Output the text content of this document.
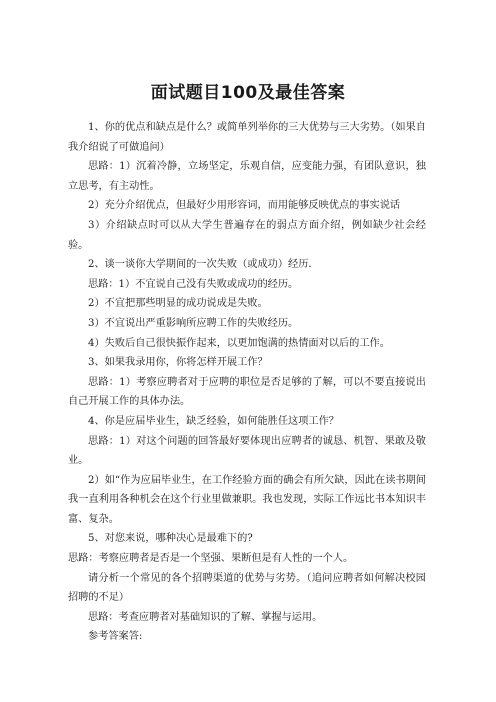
面试题目100及最佳答案

1、你的优点和缺点是什么？或简单列举你的三大优势与三大劣势。（如果自我介绍说了可做追问）

思路：1）沉着冷静，立场坚定，乐观自信，应变能力强，有团队意识，独立思考，有主动性。

2）充分介绍优点，但最好少用形容词，而用能够反映优点的事实说话

3）介绍缺点时可以从大学生普遍存在的弱点方面介绍，例如缺少社会经验。

2、谈一谈你大学期间的一次失败（或成功）经历.

思路：1）不宜说自己没有失败或成功的经历。

2）不宜把那些明显的成功说成是失败。

3）不宜说出严重影响所应聘工作的失败经历。

4）失败后自己很快振作起来，以更加饱满的热情面对以后的工作。

3、如果我录用你，你将怎样开展工作？

思路：1）考察应聘者对于应聘的职位是否足够的了解，可以不要直接说出自己开展工作的具体办法。

4、你是应届毕业生，缺乏经验，如何能胜任这项工作？

思路：1）对这个问题的回答最好要体现出应聘者的诚恳、机智、果敢及敬业。

2）如“作为应届毕业生，在工作经验方面的确会有所欠缺，因此在读书期间我一直利用各种机会在这个行业里做兼职。我也发现，实际工作远比书本知识丰富、复杂。

5、对您来说，哪种决心是最难下的?

思路：考察应聘者是否是一个坚强、果断但是有人性的一个人。

请分析一个常见的各个招聘渠道的优势与劣势。（追问应聘者如何解决校园招聘的不足）

思路：考查应聘者对基础知识的了解、掌握与运用。

参考答案答:
